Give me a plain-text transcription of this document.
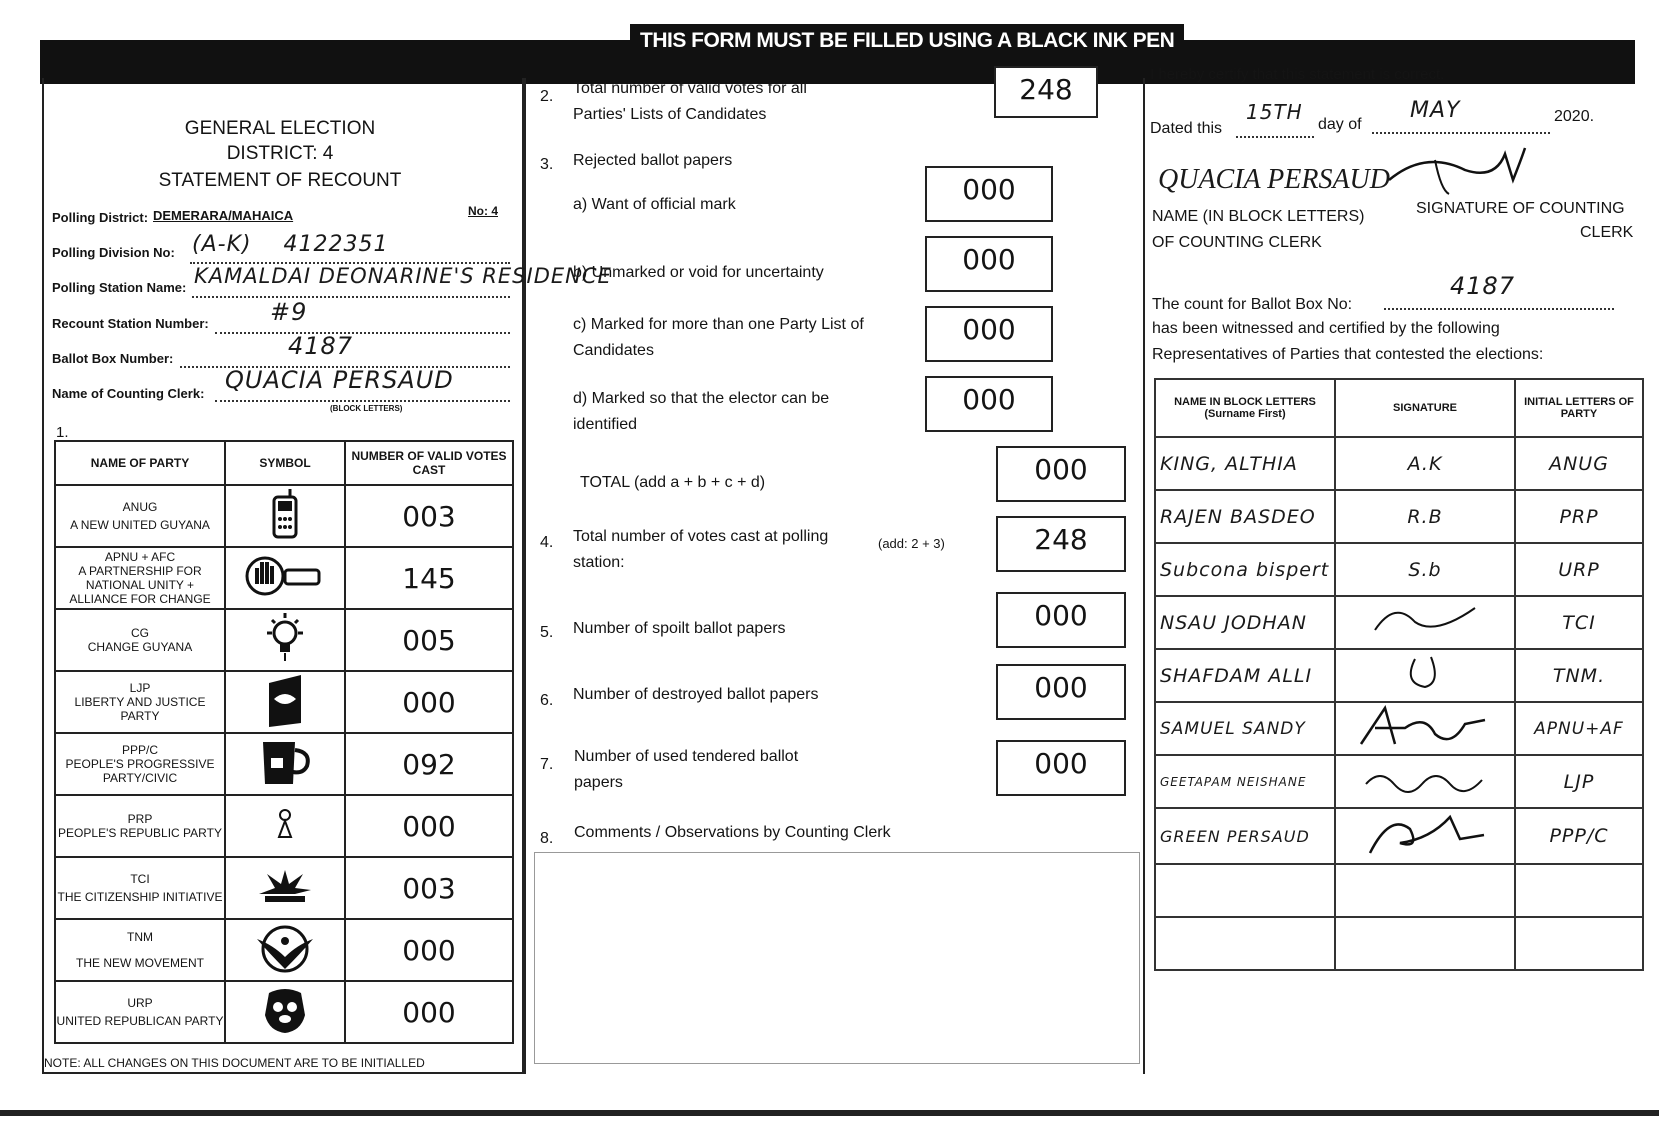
THIS FORM MUST BE FILLED USING A BLACK INK PEN
GENERAL ELECTION
DISTRICT: 4
STATEMENT OF RECOUNT
Polling District: DEMERARA/MAHAICA	No: 4
Polling Division No: (A-K)    4122351
Polling Station Name: KAMALDAI DEONARINE'S RESIDENCE
Recount Station Number:	#9
Ballot Box Number:	4187
Name of Counting Clerk: QUACIA PERSAUD
(BLOCK LETTERS)
1.
NAME OF PARTY	SYMBOL	NUMBER OF VALID VOTES CAST

ANUG
A NEW UNITED GUYANA		003

APNU + AFC
A PARTNERSHIP FOR NATIONAL UNITY + ALLIANCE FOR CHANGE		145

CG
CHANGE GUYANA		005

LJP
LIBERTY AND JUSTICE PARTY		000

PPP/C
PEOPLE'S PROGRESSIVE PARTY/CIVIC		092

PRP
PEOPLE'S REPUBLIC PARTY		000

TCI
THE CITIZENSHIP INITIATIVE		003

TNM
THE NEW MOVEMENT		000

URP
UNITED REPUBLICAN PARTY		000
NOTE: ALL CHANGES ON THIS DOCUMENT ARE TO BE INITIALLED
2. Total number of valid votes for all
Parties' Lists of Candidates
248
3. Rejected ballot papers
a) Want of official mark	000
b) Unmarked or void for uncertainty	000
c) Marked for more than one Party List of
Candidates
000
d) Marked so that the elector can be
identified
000
TOTAL (add a + b + c + d)	000
4. Total number of votes cast at polling
station:
(add: 2 + 3)	248
5. Number of spoilt ballot papers	000
6. Number of destroyed ballot papers	000
7. Number of used tendered ballot
papers
000
8. Comments / Observations by Counting Clerk
I hereby certify that this statement is correct.
Dated this
15TH
day of
MAY	2020.
QUACIA PERSAUD
NAME (IN BLOCK LETTERS)
OF COUNTING CLERK
SIGNATURE OF COUNTING
CLERK
The count for Ballot Box No:
4187
has been witnessed and certified by the following
Representatives of Parties that contested the elections:
NAME IN BLOCK LETTERS (Surname First)	SIGNATURE	INITIAL LETTERS OF PARTY
KING, ALTHIA	A.K	ANUG
RAJEN BASDEO	R.B	PRP
Subcona bispert	S.b	URP
NSAU JODHAN		TCI
SHAFDAM ALLI		TNM.
SAMUEL SANDY		APNU+AF
GEETAPAM NEISHANE		LJP
GREEN PERSAUD		PPP/C
